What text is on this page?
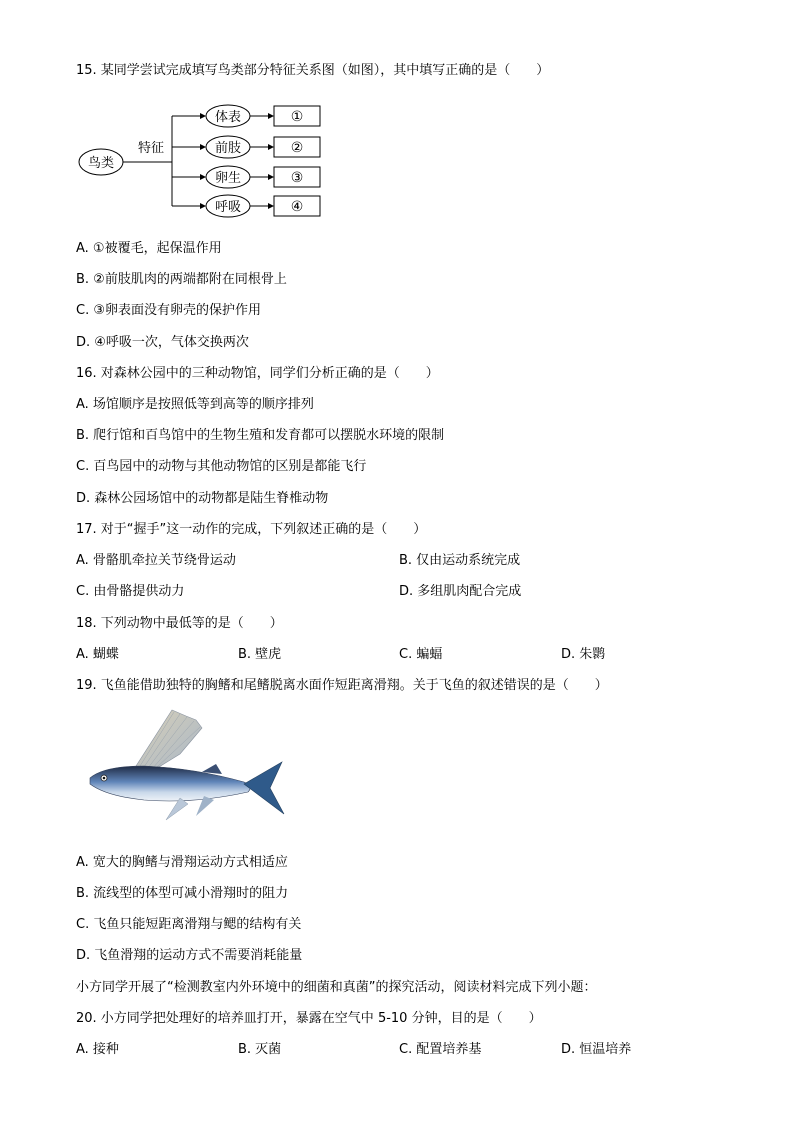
15. 某同学尝试完成填写鸟类部分特征关系图（如图），其中填写正确的是（　　）
鸟类
特征
体表	①
前肢	②
卵生	③
呼吸	④
A. ①被覆毛，起保温作用
B. ②前肢肌肉的两端都附在同根骨上
C. ③卵表面没有卵壳的保护作用
D. ④呼吸一次，气体交换两次
16. 对森林公园中的三种动物馆，同学们分析正确的是（　　）
A. 场馆顺序是按照低等到高等的顺序排列
B. 爬行馆和百鸟馆中的生物生殖和发育都可以摆脱水环境的限制
C. 百鸟园中的动物与其他动物馆的区别是都能飞行
D. 森林公园场馆中的动物都是陆生脊椎动物
17. 对于“握手”这一动作的完成，下列叙述正确的是（　　）
A. 骨骼肌牵拉关节绕骨运动	B. 仅由运动系统完成
C. 由骨骼提供动力	D. 多组肌肉配合完成
18. 下列动物中最低等的是（　　）
A. 蝴蝶	B. 壁虎	C. 蝙蝠	D. 朱鹮
19. 飞鱼能借助独特的胸鳍和尾鳍脱离水面作短距离滑翔。关于飞鱼的叙述错误的是（　　）
A. 宽大的胸鳍与滑翔运动方式相适应
B. 流线型的体型可减小滑翔时的阻力
C. 飞鱼只能短距离滑翔与鳃的结构有关
D. 飞鱼滑翔的运动方式不需要消耗能量
小方同学开展了“检测教室内外环境中的细菌和真菌”的探究活动，阅读材料完成下列小题：
20. 小方同学把处理好的培养皿打开，暴露在空气中 5-10 分钟，目的是（　　）
A. 接种	B. 灭菌	C. 配置培养基	D. 恒温培养
